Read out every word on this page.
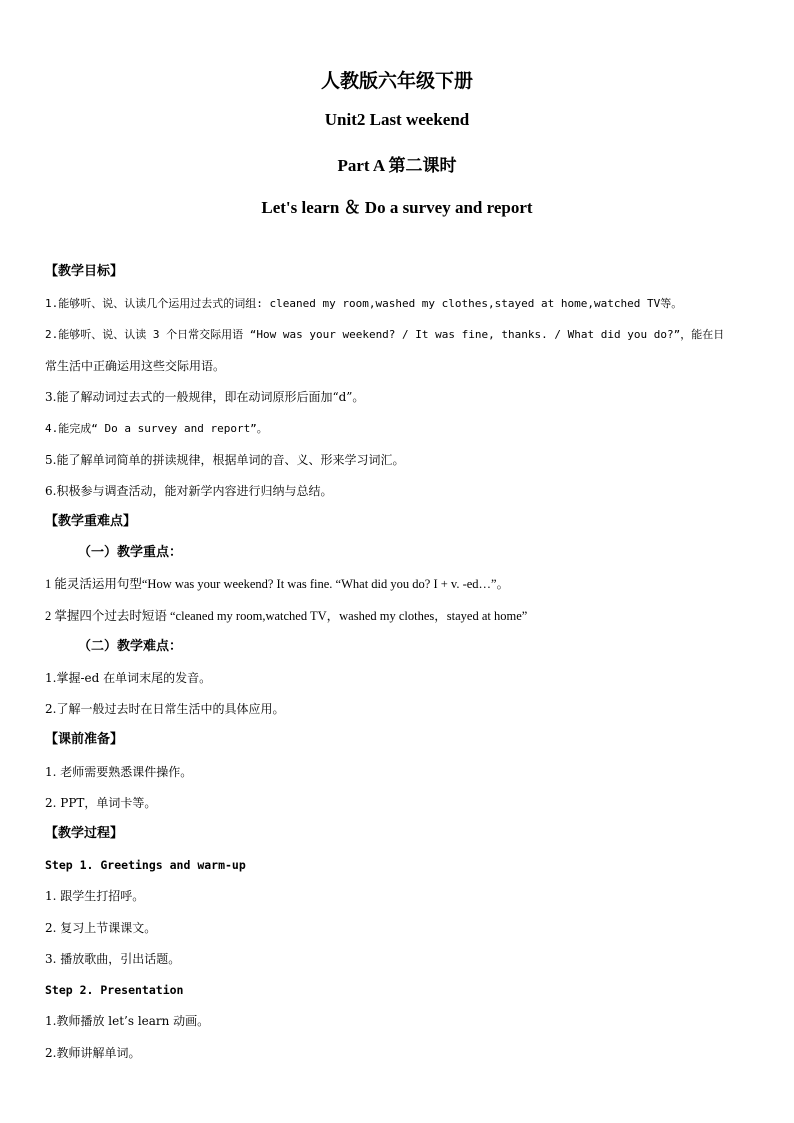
人教版六年级下册
Unit2 Last weekend
Part A 第二课时
Let's learn ＆ Do a survey and report
【教学目标】
1.能够听、说、认读几个运用过去式的词组: cleaned my room,washed my clothes,stayed at home,watched TV等。
2.能够听、说、认读 3 个日常交际用语 “How was your weekend? / It was fine, thanks. / What did you do?”，能在日
常生活中正确运用这些交际用语。
3.能了解动词过去式的一般规律，即在动词原形后面加“d”。
4.能完成“ Do a survey and report”。
5.能了解单词简单的拼读规律，根据单词的音、义、形来学习词汇。
6.积极参与调查活动，能对新学内容进行归纳与总结。
【教学重难点】
（一）教学重点：
1 能灵活运用句型“How was your weekend? It was fine. “What did you do? I + v. -ed…”。
2 掌握四个过去时短语 “cleaned my room,watched TV，washed my clothes，stayed at home”
（二）教学难点：
1.掌握-ed 在单词末尾的发音。
2.了解一般过去时在日常生活中的具体应用。
【课前准备】
1. 老师需要熟悉课件操作。
2. PPT，单词卡等。
【教学过程】
Step 1. Greetings and warm-up
1. 跟学生打招呼。
2. 复习上节课课文。
3. 播放歌曲，引出话题。
Step 2. Presentation
1.教师播放 let’s learn 动画。
2.教师讲解单词。
